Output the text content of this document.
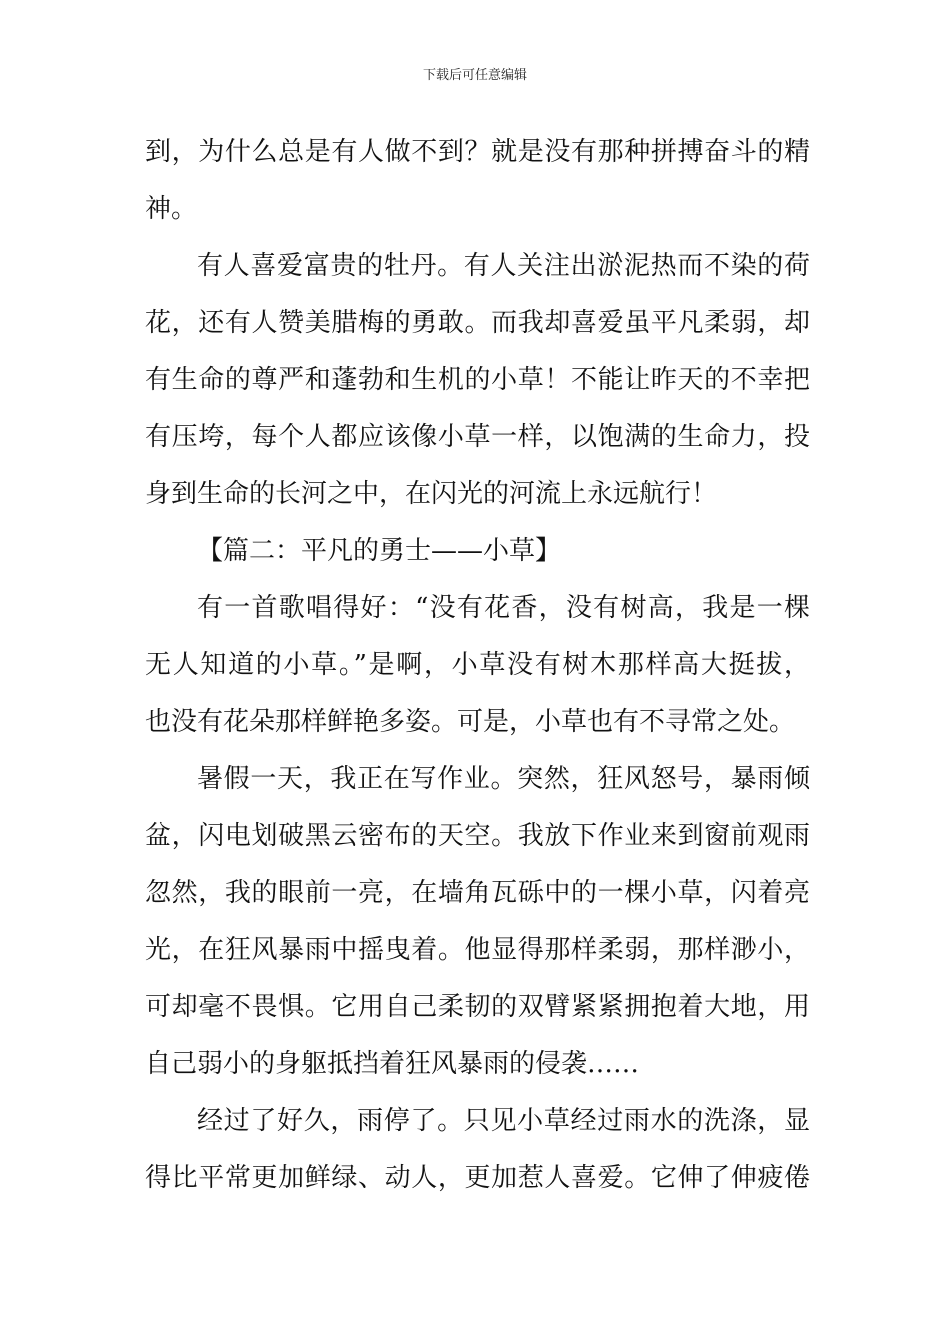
下载后可任意编辑
到，为什么总是有人做不到？就是没有那种拼搏奋斗的精
神。
有人喜爱富贵的牡丹。有人关注出淤泥热而不染的荷
花，还有人赞美腊梅的勇敢。而我却喜爱虽平凡柔弱，却
有生命的尊严和蓬勃和生机的小草！不能让昨天的不幸把
有压垮，每个人都应该像小草一样，以饱满的生命力，投
身到生命的长河之中，在闪光的河流上永远航行！
【篇二：平凡的勇士——小草】
有一首歌唱得好：“没有花香，没有树高，我是一棵
无人知道的小草。”是啊，小草没有树木那样高大挺拔，
也没有花朵那样鲜艳多姿。可是，小草也有不寻常之处。
暑假一天，我正在写作业。突然，狂风怒号，暴雨倾
盆，闪电划破黑云密布的天空。我放下作业来到窗前观雨
忽然，我的眼前一亮，在墙角瓦砾中的一棵小草，闪着亮
光，在狂风暴雨中摇曳着。他显得那样柔弱，那样渺小，
可却毫不畏惧。它用自己柔韧的双臂紧紧拥抱着大地，用
自己弱小的身躯抵挡着狂风暴雨的侵袭……
经过了好久，雨停了。只见小草经过雨水的洗涤，显
得比平常更加鲜绿、动人，更加惹人喜爱。它伸了伸疲倦
